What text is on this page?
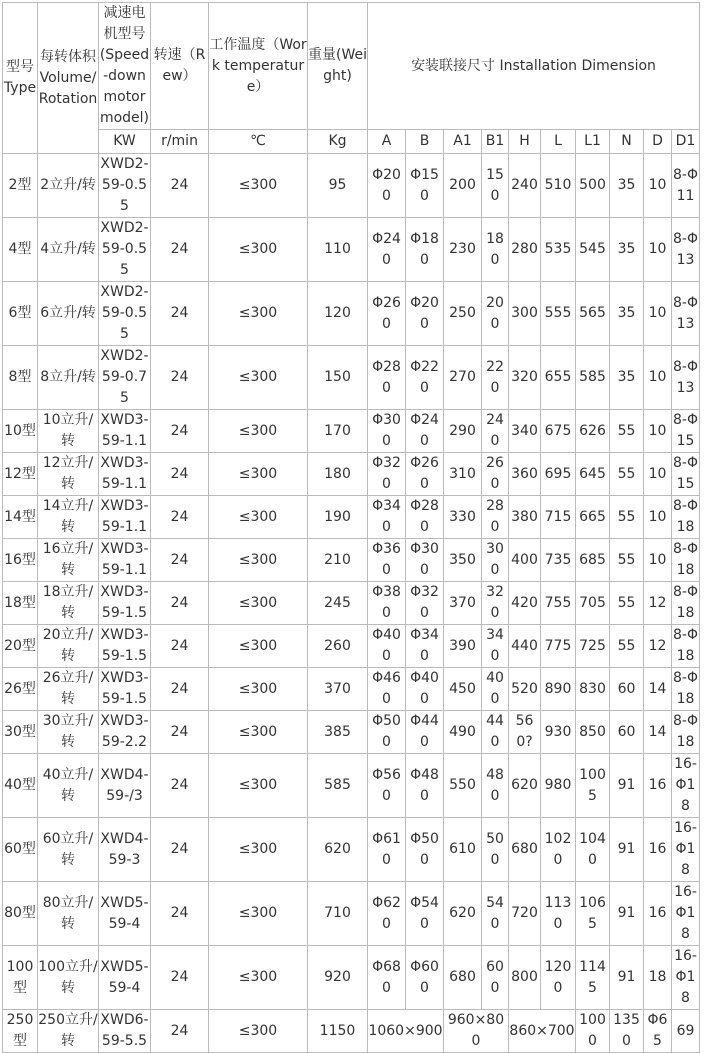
型号Type	每转体积Volume/Rotation	减速电机型号(Speed-down motor model)	转速（Rew）	工作温度（Work temperature）	重量(Weight)	安装联接尺寸 Installation Dimension									
		KW	r/min	℃	Kg	A	B	A1	B1	H	L	L1	N	D	D1
2型	2立升/转	XWD2-59-0.55	24	≤300	95	Φ200	Φ150	200	150	240	510	500	35	10	8-Φ11
4型	4立升/转	XWD2-59-0.55	24	≤300	110	Φ240	Φ180	230	180	280	535	545	35	10	8-Φ13
6型	6立升/转	XWD2-59-0.55	24	≤300	120	Φ260	Φ200	250	200	300	555	565	35	10	8-Φ13
8型	8立升/转	XWD2-59-0.75	24	≤300	150	Φ280	Φ220	270	220	320	655	585	35	10	8-Φ13
10型	10立升/转	XWD3-59-1.1	24	≤300	170	Φ300	Φ240	290	240	340	675	626	55	10	8-Φ15
12型	12立升/转	XWD3-59-1.1	24	≤300	180	Φ320	Φ260	310	260	360	695	645	55	10	8-Φ15
14型	14立升/转	XWD3-59-1.1	24	≤300	190	Φ340	Φ280	330	280	380	715	665	55	10	8-Φ18
16型	16立升/转	XWD3-59-1.1	24	≤300	210	Φ360	Φ300	350	300	400	735	685	55	10	8-Φ18
18型	18立升/转	XWD3-59-1.5	24	≤300	245	Φ380	Φ320	370	320	420	755	705	55	12	8-Φ18
20型	20立升/转	XWD3-59-1.5	24	≤300	260	Φ400	Φ340	390	340	440	775	725	55	12	8-Φ18
26型	26立升/转	XWD3-59-1.5	24	≤300	370	Φ460	Φ400	450	400	520	890	830	60	14	8-Φ18
30型	30立升/转	XWD3-59-2.2	24	≤300	385	Φ500	Φ440	490	440	560?	930	850	60	14	8-Φ18
40型	40立升/转	XWD4-59-/3	24	≤300	585	Φ560	Φ480	550	480	620	980	1005	91	16	16-Φ18
60型	60立升/转	XWD4-59-3	24	≤300	620	Φ610	Φ500	610	500	680	1020	1040	91	16	16-Φ18
80型	80立升/转	XWD5-59-4	24	≤300	710	Φ620	Φ540	620	540	720	1130	1065	91	16	16-Φ18
100型	100立升/转	XWD5-59-4	24	≤300	920	Φ680	Φ600	680	600	800	1200	1145	91	18	16-Φ18
250型	250立升/转	XWD6-59-5.5	24	≤300	1150	1060×900		960×800		860×700		1000	1350	Φ65	69
